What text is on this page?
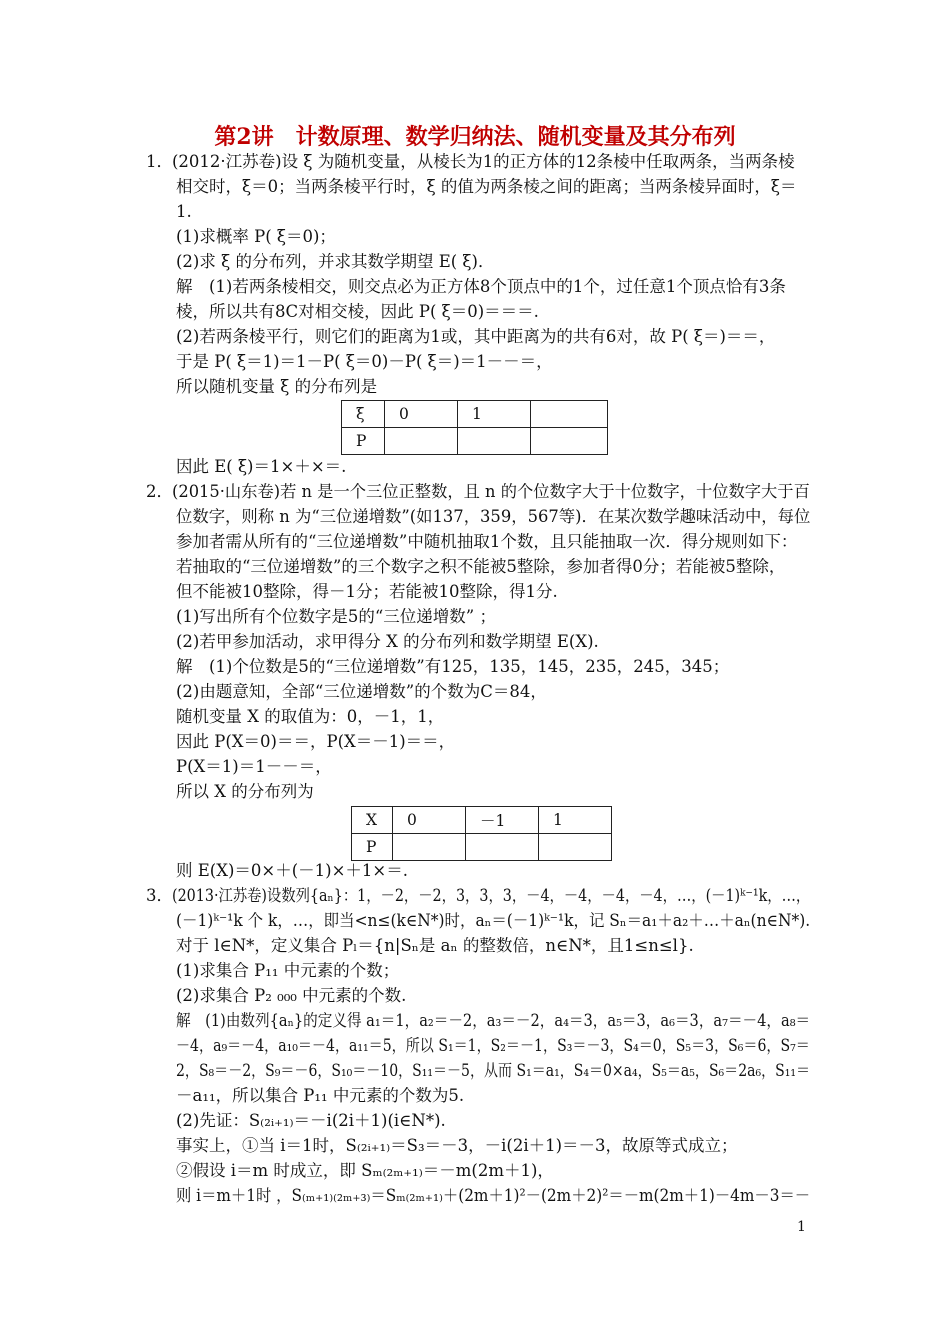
第2讲　计数原理、数学归纳法、随机变量及其分布列
1． (2012·江苏卷)设 ξ 为随机变量，从棱长为1的正方体的12条棱中任取两条，当两条棱
相交时，ξ＝0；当两条棱平行时，ξ 的值为两条棱之间的距离；当两条棱异面时，ξ＝
1.
(1)求概率 P( ξ＝0)；
(2)求 ξ 的分布列，并求其数学期望 E( ξ)．
解　(1)若两条棱相交，则交点必为正方体8个顶点中的1个，过任意1个顶点恰有3条
棱，所以共有8C对相交棱，因此 P( ξ＝0)＝＝＝.
(2)若两条棱平行，则它们的距离为1或，其中距离为的共有6对，故 P( ξ＝)＝＝，
于是 P( ξ＝1)＝1－P( ξ＝0)－P( ξ＝)＝1－－＝，
所以随机变量 ξ 的分布列是
ξ	0	1	
P			
因此 E( ξ)＝1×＋×＝.
2． (2015·山东卷)若 n 是一个三位正整数，且 n 的个位数字大于十位数字，十位数字大于百
位数字，则称 n 为“三位递增数”(如137，359，567等)．在某次数学趣味活动中，每位
参加者需从所有的“三位递增数”中随机抽取1个数，且只能抽取一次．得分规则如下：
若抽取的“三位递增数”的三个数字之积不能被5整除，参加者得0分；若能被5整除，
但不能被10整除，得－1分；若能被10整除，得1分.
(1)写出所有个位数字是5的“三位递增数” ；
(2)若甲参加活动，求甲得分 X 的分布列和数学期望 E(X).
解　(1)个位数是5的“三位递增数”有125，135，145，235，245，345；
(2)由题意知，全部“三位递增数”的个数为C＝84，
随机变量 X 的取值为：0，－1，1，
因此 P(X＝0)＝＝，P(X＝－1)＝＝，
P(X＝1)＝1－－＝，
所以 X 的分布列为
X	0	－1	1
P			
则 E(X)＝0×＋(－1)×＋1×＝.
3． (2013·江苏卷)设数列{aₙ}：1，－2，－2，3，3，3，－4，－4，－4，－4，…，(－1)ᵏ⁻¹k，…，
(－1)ᵏ⁻¹k 个 k，…，即当<n≤(k∈N*)时，aₙ＝(－1)ᵏ⁻¹k，记 Sₙ＝a₁＋a₂＋…＋aₙ(n∈N*).
对于 l∈N*，定义集合 Pₗ＝{n|Sₙ是 aₙ 的整数倍，n∈N*，且1≤n≤l}.
(1)求集合 P₁₁ 中元素的个数；
(2)求集合 P₂ ₀₀₀ 中元素的个数.
解　(1)由数列{aₙ}的定义得 a₁＝1，a₂＝－2，a₃＝－2，a₄＝3，a₅＝3，a₆＝3，a₇＝－4，a₈＝
－4，a₉＝－4，a₁₀＝－4，a₁₁＝5，所以 S₁＝1，S₂＝－1，S₃＝－3，S₄＝0，S₅＝3，S₆＝6，S₇＝
2，S₈＝－2，S₉＝－6，S₁₀＝－10，S₁₁＝－5，从而 S₁＝a₁，S₄＝0×a₄，S₅＝a₅，S₆＝2a₆，S₁₁＝
－a₁₁，所以集合 P₁₁ 中元素的个数为5.
(2)先证：S₍₂ᵢ₊₁₎＝－i(2i＋1)(i∈N*).
事实上，①当 i＝1时，S₍₂ᵢ₊₁₎＝S₃＝－3，－i(2i＋1)＝－3，故原等式成立；
②假设 i＝m 时成立，即 Sₘ₍₂ₘ₊₁₎＝－m(2m＋1)，
则 i＝m＋1时 ，S₍ₘ₊₁₎₍₂ₘ₊₃₎＝Sₘ₍₂ₘ₊₁₎＋(2m＋1)²－(2m＋2)²＝－m(2m＋1)－4m－3＝－
1
